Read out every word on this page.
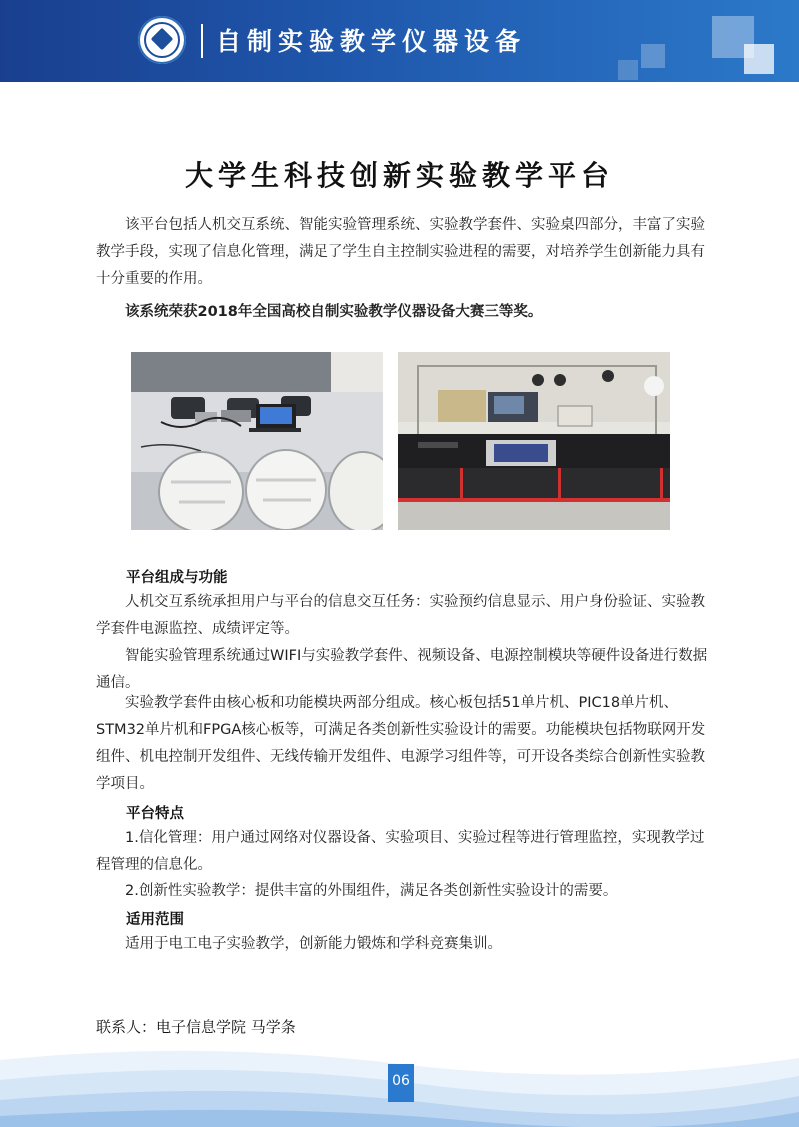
自制实验教学仪器设备
大学生科技创新实验教学平台

该平台包括人机交互系统、智能实验管理系统、实验教学套件、实验桌四部分，丰富了实验教学手段，实现了信息化管理，满足了学生自主控制实验进程的需要，对培养学生创新能力具有十分重要的作用。

该系统荣获2018年全国高校自制实验教学仪器设备大赛三等奖。

平台组成与功能

人机交互系统承担用户与平台的信息交互任务：实验预约信息显示、用户身份验证、实验教学套件电源监控、成绩评定等。

智能实验管理系统通过WIFI与实验教学套件、视频设备、电源控制模块等硬件设备进行数据通信。

实验教学套件由核心板和功能模块两部分组成。核心板包括51单片机、PIC18单片机、STM32单片机和FPGA核心板等，可满足各类创新性实验设计的需要。功能模块包括物联网开发组件、机电控制开发组件、无线传输开发组件、电源学习组件等，可开设各类综合创新性实验教学项目。

平台特点

1.信化管理：用户通过网络对仪器设备、实验项目、实验过程等进行管理监控，实现教学过程管理的信息化。

2.创新性实验教学：提供丰富的外围组件，满足各类创新性实验设计的需要。

适用范围

适用于电工电子实验教学，创新能力锻炼和学科竞赛集训。

联系人：电子信息学院 马学条
06
